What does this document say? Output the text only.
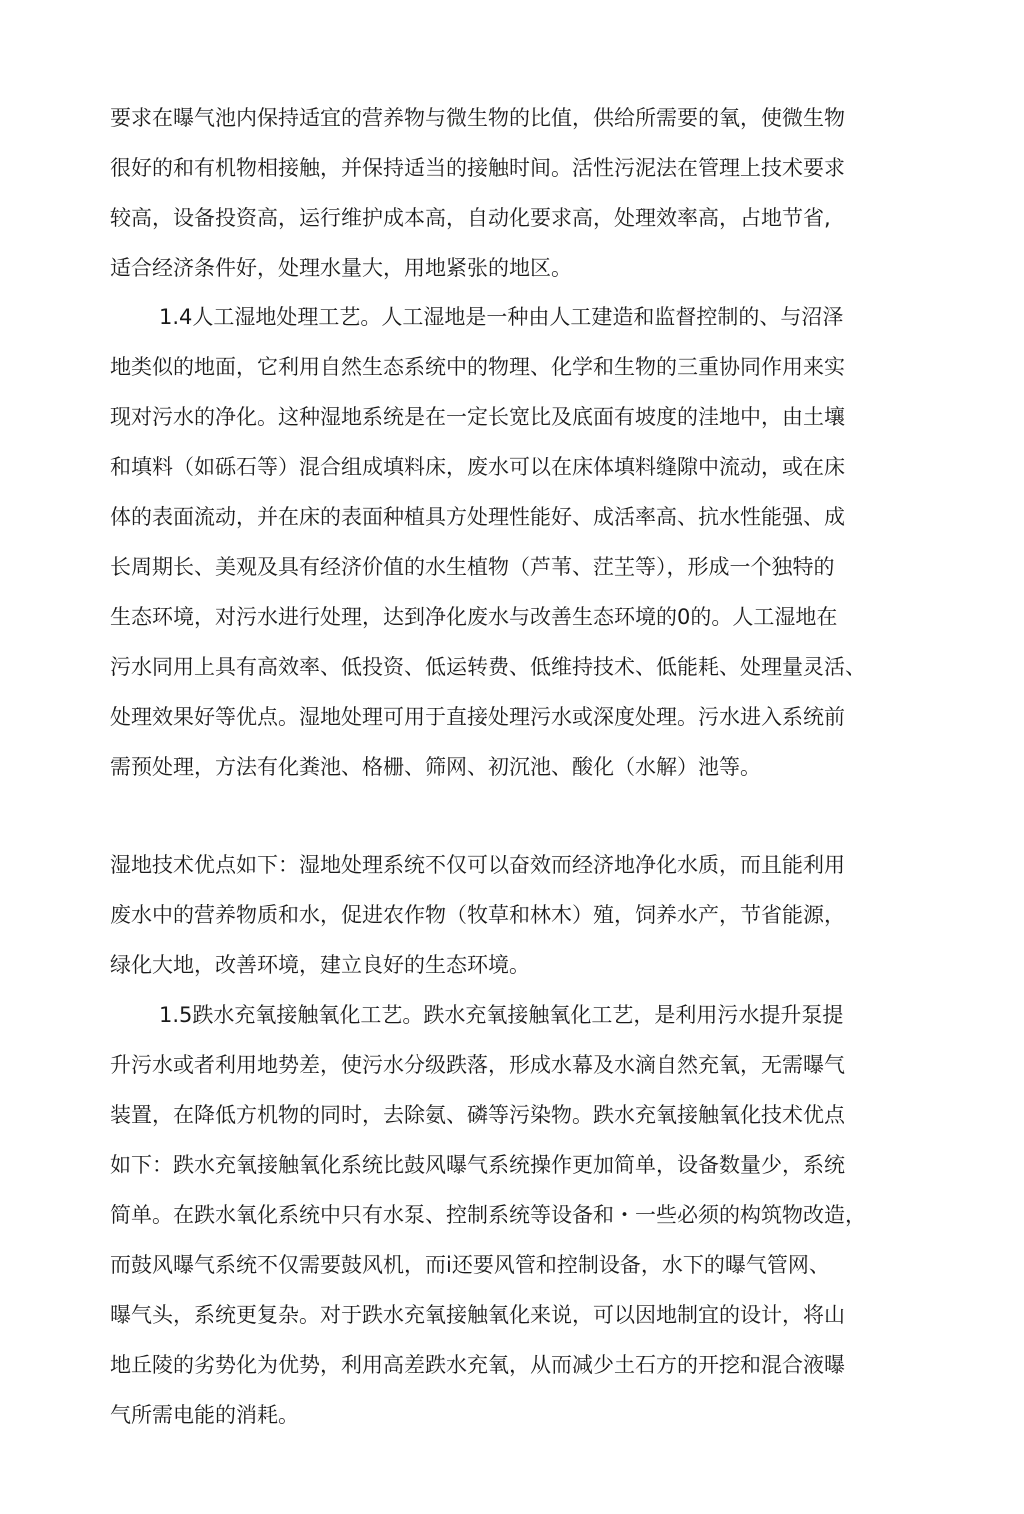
要求在曝气池内保持适宜的营养物与微生物的比值，供给所需要的氧，使微生物
很好的和有机物相接触，并保持适当的接触时间。活性污泥法在管理上技术要求
较高，设备投资高，运行维护成本高，自动化要求高，处理效率高，占地节省,
适合经济条件好，处理水量大，用地紧张的地区。
1.4人工湿地处理工艺。人工湿地是一种由人工建造和监督控制的、与沼泽
地类似的地面，它利用自然生态系统中的物理、化学和生物的三重协同作用来实
现对污水的净化。这种湿地系统是在一定长宽比及底面有坡度的洼地中，由土壤
和填料（如砾石等）混合组成填料床，废水可以在床体填料缝隙中流动，或在床
体的表面流动，并在床的表面种植具方处理性能好、成活率高、抗水性能强、成
长周期长、美观及具有经济价值的水生植物（芦苇、茳芏等），形成一个独特的
生态环境，对污水进行处理，达到净化废水与改善生态环境的0的。人工湿地在
污水同用上具有高效率、低投资、低运转费、低维持技术、低能耗、处理量灵活、
处理效果好等优点。湿地处理可用于直接处理污水或深度处理。污水进入系统前
需预处理，方法有化粪池、格栅、筛网、初沉池、酸化（水解）池等。
湿地技术优点如下：湿地处理系统不仅可以奋效而经济地净化水质，而且能利用
废水中的营养物质和水，促进农作物（牧草和林木）殖，饲养水产，节省能源，
绿化大地，改善环境，建立良好的生态环境。
1.5跌水充氧接触氧化工艺。跌水充氧接触氧化工艺，是利用污水提升泵提
升污水或者利用地势差，使污水分级跌落，形成水幕及水滴自然充氧，无需曝气
装置，在降低方机物的同时，去除氨、磷等污染物。跌水充氧接触氧化技术优点
如下：跌水充氧接触氧化系统比鼓风曝气系统操作更加简单，设备数量少，系统
简单。在跌水氧化系统中只有水泵、控制系统等设备和・一些必须的构筑物改造，
而鼓风曝气系统不仅需要鼓风机，而i还要风管和控制设备，水下的曝气管网、
曝气头，系统更复杂。对于跌水充氧接触氧化来说，可以因地制宜的设计，将山
地丘陵的劣势化为优势，利用高差跌水充氧，从而减少土石方的开挖和混合液曝
气所需电能的消耗。
